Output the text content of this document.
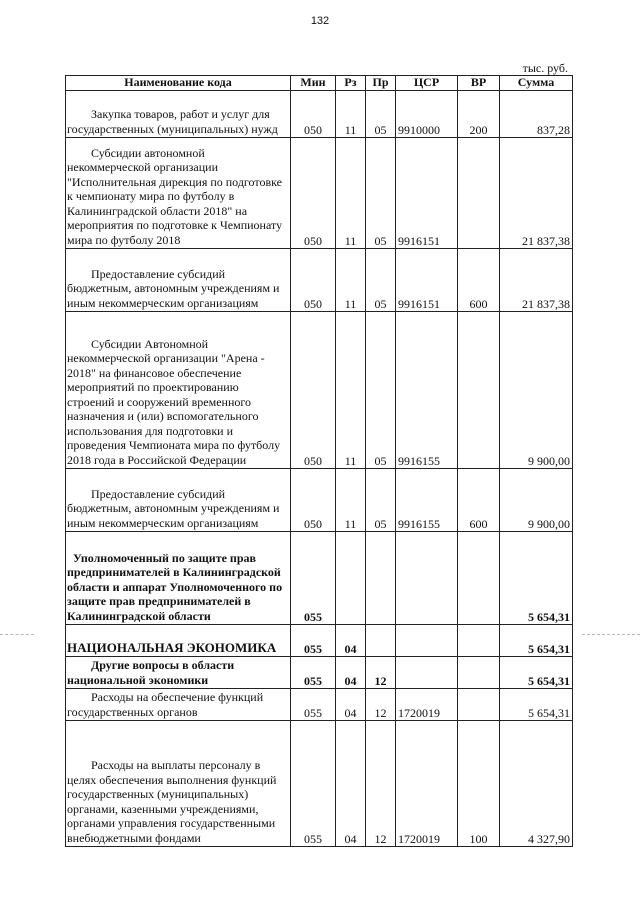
132
тыс. руб.
Наименование кода	Мин	Рз	Пр	ЦСР	ВР	Сумма

Закупка товаров, работ и услуг для государственных (муниципальных) нужд	050	11	05	9910000	200	837,28

Субсидии автономной некоммерческой организации "Исполнительная дирекция по подготовке к чемпионату мира по футболу в Калининградской области 2018" на мероприятия по подготовке к Чемпионату мира по футболу 2018	050	11	05	9916151		21 837,38

Предоставление субсидий бюджетным, автономным учреждениям и иным некоммерческим организациям	050	11	05	9916151	600	21 837,38

Субсидии Автономной некоммерческой организации "Арена - 2018" на финансовое обеспечение мероприятий по проектированию строений и сооружений временного назначения и (или) вспомогательного использования для подготовки и проведения Чемпионата мира по футболу 2018 года в Российской Федерации	050	11	05	9916155		9 900,00

Предоставление субсидий бюджетным, автономным учреждениям и иным некоммерческим организациям	050	11	05	9916155	600	9 900,00

Уполномоченный по защите прав предпринимателей в Калининградской области и аппарат Уполномоченного по защите прав предпринимателей в Калининградской области	055					5 654,31

НАЦИОНАЛЬНАЯ ЭКОНОМИКА	055	04				5 654,31

Другие вопросы в области национальной экономики	055	04	12			5 654,31

Расходы на обеспечение функций государственных органов	055	04	12	1720019		5 654,31

Расходы на выплаты персоналу в целях обеспечения выполнения функций государственных (муниципальных) органами, казенными учреждениями, органами управления государственными внебюджетными фондами	055	04	12	1720019	100	4 327,90
